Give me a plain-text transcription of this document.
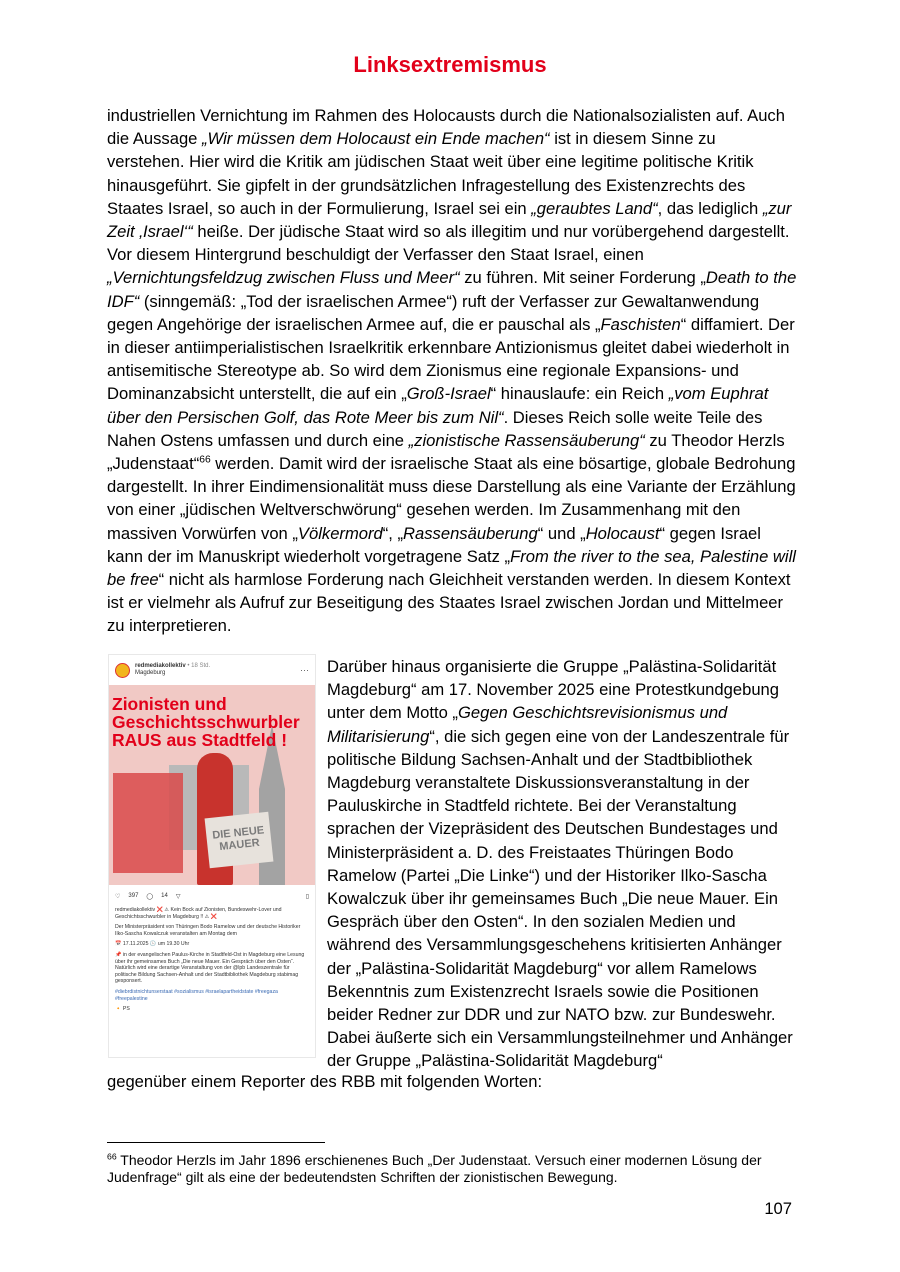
Linksextremismus

industriellen Vernichtung im Rahmen des Holocausts durch die Nationalsozialisten auf. Auch die Aussage „Wir müssen dem Holocaust ein Ende machen“ ist in diesem Sinne zu verstehen. Hier wird die Kritik am jüdischen Staat weit über eine legitime politische Kritik hinausgeführt. Sie gipfelt in der grundsätzlichen Infragestellung des Existenzrechts des Staates Israel, so auch in der Formulierung, Israel sei ein „geraubtes Land“, das lediglich „zur Zeit ‚Israel‘“ heiße. Der jüdische Staat wird so als illegitim und nur vorübergehend dargestellt. Vor diesem Hintergrund beschuldigt der Verfasser den Staat Israel, einen „Vernichtungsfeldzug zwischen Fluss und Meer“ zu führen. Mit seiner Forderung „Death to the IDF“ (sinngemäß: „Tod der israelischen Armee“) ruft der Verfasser zur Gewaltanwendung gegen Angehörige der israelischen Armee auf, die er pauschal als „Faschisten“ diffamiert. Der in dieser antiimperialistischen Israelkritik erkennbare Antizionismus gleitet dabei wiederholt in antisemitische Stereotype ab. So wird dem Zionismus eine regionale Expansions- und Dominanzabsicht unterstellt, die auf ein „Groß-Israel“ hinauslaufe: ein Reich „vom Euphrat über den Persischen Golf, das Rote Meer bis zum Nil“. Dieses Reich solle weite Teile des Nahen Ostens umfassen und durch eine „zionistische Rassensäuberung“ zu Theodor Herzls „Judenstaat“$^{66}$ werden. Damit wird der israelische Staat als eine bösartige, globale Bedrohung dargestellt. In ihrer Eindimensionalität muss diese Darstellung als eine Variante der Erzählung von einer „jüdischen Weltverschwörung“ gesehen werden. Im Zusammenhang mit den massiven Vorwürfen von „Völkermord“, „Rassensäuberung“ und „Holocaust“ gegen Israel kann der im Manuskript wiederholt vorgetragene Satz „From the river to the sea, Palestine will be free“ nicht als harmlose Forderung nach Gleichheit verstanden werden. In diesem Kontext ist er vielmehr als Aufruf zur Beseitigung des Staates Israel zwischen Jordan und Mittelmeer zu interpretieren.

redmediakollektiv • 18 Std.
Magdeburg	···
DIE NEUE MAUER
Zionisten und
Geschichtsschwurbler
RAUS aus Stadtfeld !
♡ 397 ◯ 14 ▽	▯

redmediakollektiv ❌ ⚠ Kein Bock auf Zionisten, Bundeswehr-Lover und Geschichtsschwurbler in Magdeburg !! ⚠ ❌

Der Ministerpräsident von Thüringen Bodo Ramelow und der deutsche Historiker Ilko-Sascha Kowalczuk veranstalten am Montag dem

📅 17.11.2025 🕒 um 19.30 Uhr

📌 in der evangelischen Paulus-Kirche in Stadtfeld-Ost in Magdeburg eine Lesung über ihr gemeinsames Buch „Die neue Mauer. Ein Gespräch über den Osten“. Natürlich wird eine derartige Veranstaltung von der @lpb Landeszentrale für politische Bildung Sachsen-Anhalt und der Stadtbibliothek Magdeburg stabimag gesponsert.

#diebrdistnichtunserstaat #sozialismus #israelapartheidstate #freegaza #freepalestine

🔸 PS

Darüber hinaus organisierte die Gruppe „Palästina-Solidarität Magdeburg“ am 17. November 2025 eine Protestkundgebung unter dem Motto „Gegen Geschichtsrevisionismus und Militarisierung“, die sich gegen eine von der Landeszentrale für politische Bildung Sachsen-Anhalt und der Stadtbibliothek Magdeburg veranstaltete Diskussionsveranstaltung in der Pauluskirche in Stadtfeld richtete. Bei der Veranstaltung sprachen der Vizepräsident des Deutschen Bundestages und Ministerpräsident a. D. des Freistaates Thüringen Bodo Ramelow (Partei „Die Linke“) und der Historiker Ilko-Sascha Kowalczuk über ihr gemeinsames Buch „Die neue Mauer. Ein Gespräch über den Osten“. In den sozialen Medien und während des Versammlungsgeschehens kritisierten Anhänger der „Palästina-Solidarität Magdeburg“ vor allem Ramelows Bekenntnis zum Existenzrecht Israels sowie die Positionen beider Redner zur DDR und zur NATO bzw. zur Bundeswehr. Dabei äußerte sich ein Versammlungsteilnehmer und Anhänger der Gruppe „Palästina-Solidarität Magdeburg“

gegenüber einem Reporter des RBB mit folgenden Worten:

$^{66}$ Theodor Herzls im Jahr 1896 erschienenes Buch „Der Judenstaat. Versuch einer modernen Lösung der Judenfrage“ gilt als eine der bedeutendsten Schriften der zionistischen Bewegung.

107
